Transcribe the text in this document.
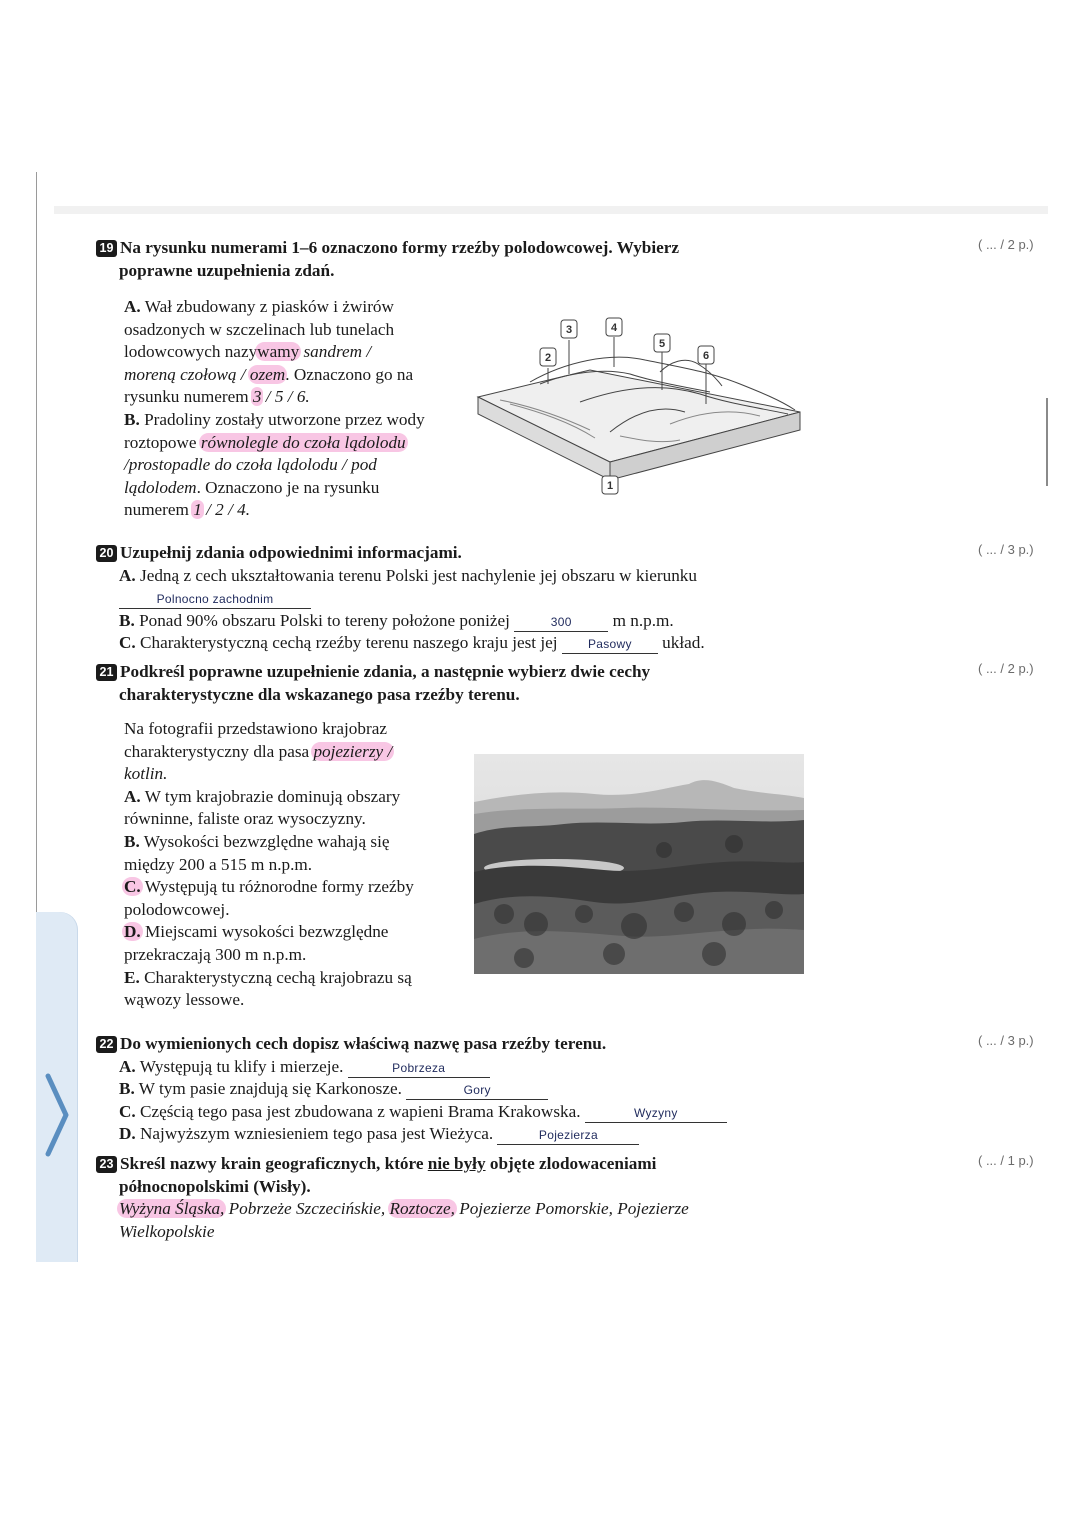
( ... / 2 p.)
( ... / 3 p.)
( ... / 2 p.)
( ... / 3 p.)
( ... / 1 p.)
19 Na rysunku numerami 1–6 oznaczono formy rzeźby polodowcowej. Wybierz
poprawne uzupełnienia zdań.
A. Wał zbudowany z piasków i żwirów
osadzonych w szczelinach lub tunelach
lodowcowych nazywamy sandrem /
moreną czołową / ozem. Oznaczono go na
rysunku numerem 3 / 5 / 6.
B. Pradoliny zostały utworzone przez wody
roztopowe równolegle do czoła lądolodu
/prostopadle do czoła lądolodu / pod
lądolodem. Oznaczono je na rysunku
numerem 1 / 2 / 4.
2
3	4
5
6
1
20 Uzupełnij zdania odpowiednimi informacjami.
A. Jedną z cech ukształtowania terenu Polski jest nachylenie jej obszaru w kierunku
Polnocno zachodnim
B. Ponad 90% obszaru Polski to tereny położone poniżej	300 m n.p.m.
C. Charakterystyczną cechą rzeźby terenu naszego kraju jest jej	Pasowy układ.
21 Podkreśl poprawne uzupełnienie zdania, a następnie wybierz dwie cechy
charakterystyczne dla wskazanego pasa rzeźby terenu.
Na fotografii przedstawiono krajobraz
charakterystyczny dla pasa pojezierzy /
kotlin.
A. W tym krajobrazie dominują obszary
równinne, faliste oraz wysoczyzny.
B. Wysokości bezwzględne wahają się
między 200 a 515 m n.p.m.
C. Występują tu różnorodne formy rzeźby
polodowcowej.
D. Miejscami wysokości bezwzględne
przekraczają 300 m n.p.m.
E. Charakterystyczną cechą krajobrazu są
wąwozy lessowe.
22 Do wymienionych cech dopisz właściwą nazwę pasa rzeźby terenu.
A. Występują tu klify i mierzeje.	Pobrzeza
B. W tym pasie znajdują się Karkonosze.	Gory
C. Częścią tego pasa jest zbudowana z wapieni Brama Krakowska.	Wyzyny
D. Najwyższym wzniesieniem tego pasa jest Wieżyca.	Pojezierza
23 Skreśl nazwy krain geograficznych, które nie były objęte zlodowaceniami
północnopolskimi (Wisły).
Wyżyna Śląska, Pobrzeże Szczecińskie, Roztocze, Pojezierze Pomorskie, Pojezierze
Wielkopolskie
